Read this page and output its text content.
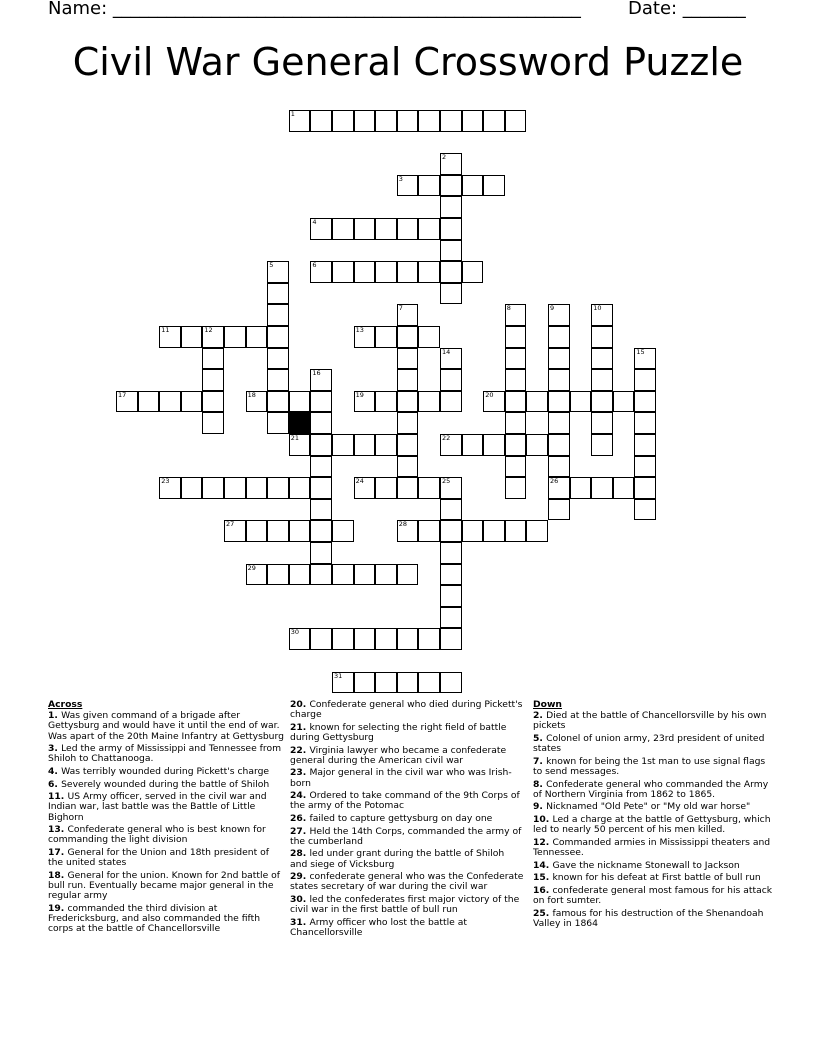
Name: ____________________________________________________	Date: _______
Civil War General Crossword Puzzle
1
2
3
4
5	6
7	8	9
26
10
11	12	13
14	15
16
17	18	19	20
21	22
23	24	25
27	28
29
30
31
Across
1. Was given command of a brigade after Gettysburg and would have it until the end of war. Was apart of the 20th Maine Infantry at Gettysburg
3. Led the army of Mississippi and Tennessee from Shiloh to Chattanooga.
4. Was terribly wounded during Pickett's charge
6. Severely wounded during the battle of Shiloh
11. US Army officer, served in the civil war and Indian war, last battle was the Battle of Little Bighorn
13. Confederate general who is best known for commanding the light division
17. General for the Union and 18th president of the united states
18. General for the union. Known for 2nd battle of bull run. Eventually became major general in the regular army
19. commanded the third division at Fredericksburg, and also commanded the fifth corps at the battle of Chancellorsville
20. Confederate general who died during Pickett's charge
21. known for selecting the right field of battle during Gettysburg
22. Virginia lawyer who became a confederate general during the American civil war
23. Major general in the civil war who was Irish-born
24. Ordered to take command of the 9th Corps of the army of the Potomac
26. failed to capture gettysburg on day one
27. Held the 14th Corps, commanded the army of the cumberland
28. led under grant during the battle of Shiloh and siege of Vicksburg
29. confederate general who was the Confederate states secretary of war during the civil war
30. led the confederates first major victory of the civil war in the first battle of bull run
31. Army officer who lost the battle at Chancellorsville
Down
2. Died at the battle of Chancellorsville by his own pickets
5. Colonel of union army, 23rd president of united states
7. known for being the 1st man to use signal flags to send messages.
8. Confederate general who commanded the Army of Northern Virginia from 1862 to 1865.
9. Nicknamed "Old Pete" or "My old war horse"
10. Led a charge at the battle of Gettysburg, which led to nearly 50 percent of his men killed.
12. Commanded armies in Mississippi theaters and Tennessee.
14. Gave the nickname Stonewall to Jackson
15. known for his defeat at First battle of bull run
16. confederate general most famous for his attack on fort sumter.
25. famous for his destruction of the Shenandoah Valley in 1864
